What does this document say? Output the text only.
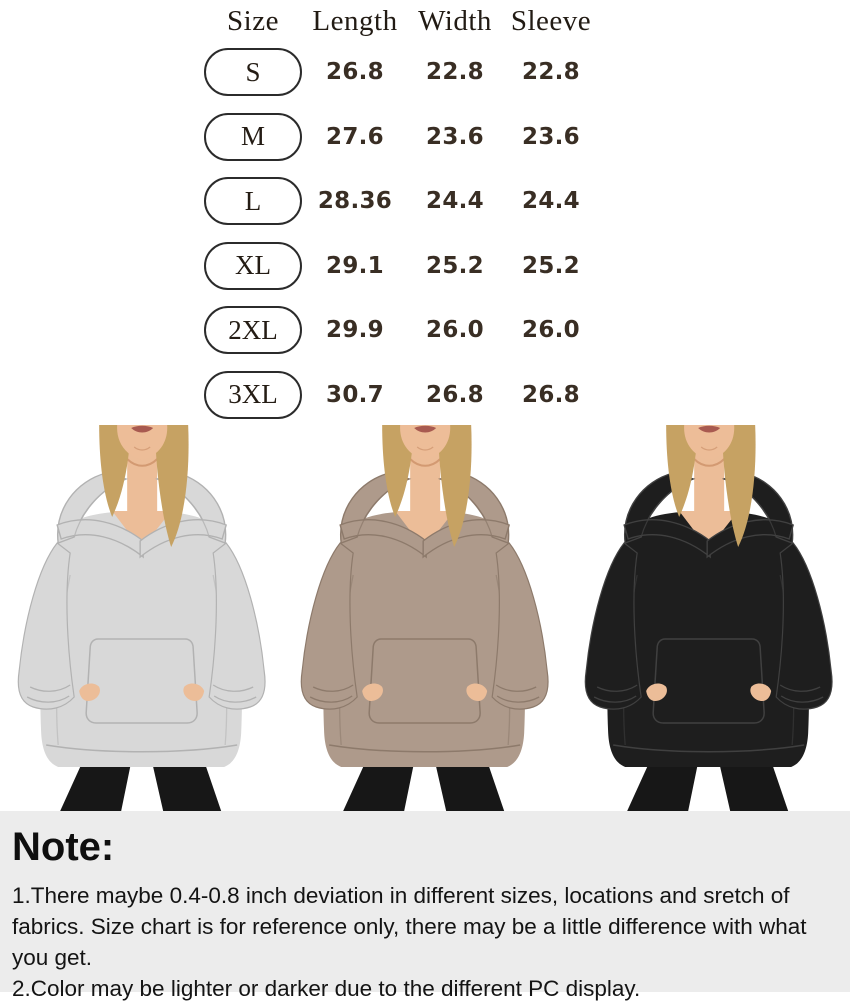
Size	Length Width Sleeve
S	26.8	22.8	22.8
M	27.6	23.6	23.6
L	28.36	24.4	24.4
XL	29.1	25.2	25.2
2XL	29.9	26.0	26.0
3XL	30.7	26.8	26.8
Note:

1.There maybe 0.4-0.8 inch deviation in different sizes, locations and sretch of fabrics. Size chart is for reference only, there may be a little difference with what you get.

2.Color may be lighter or darker due to the different PC display.
